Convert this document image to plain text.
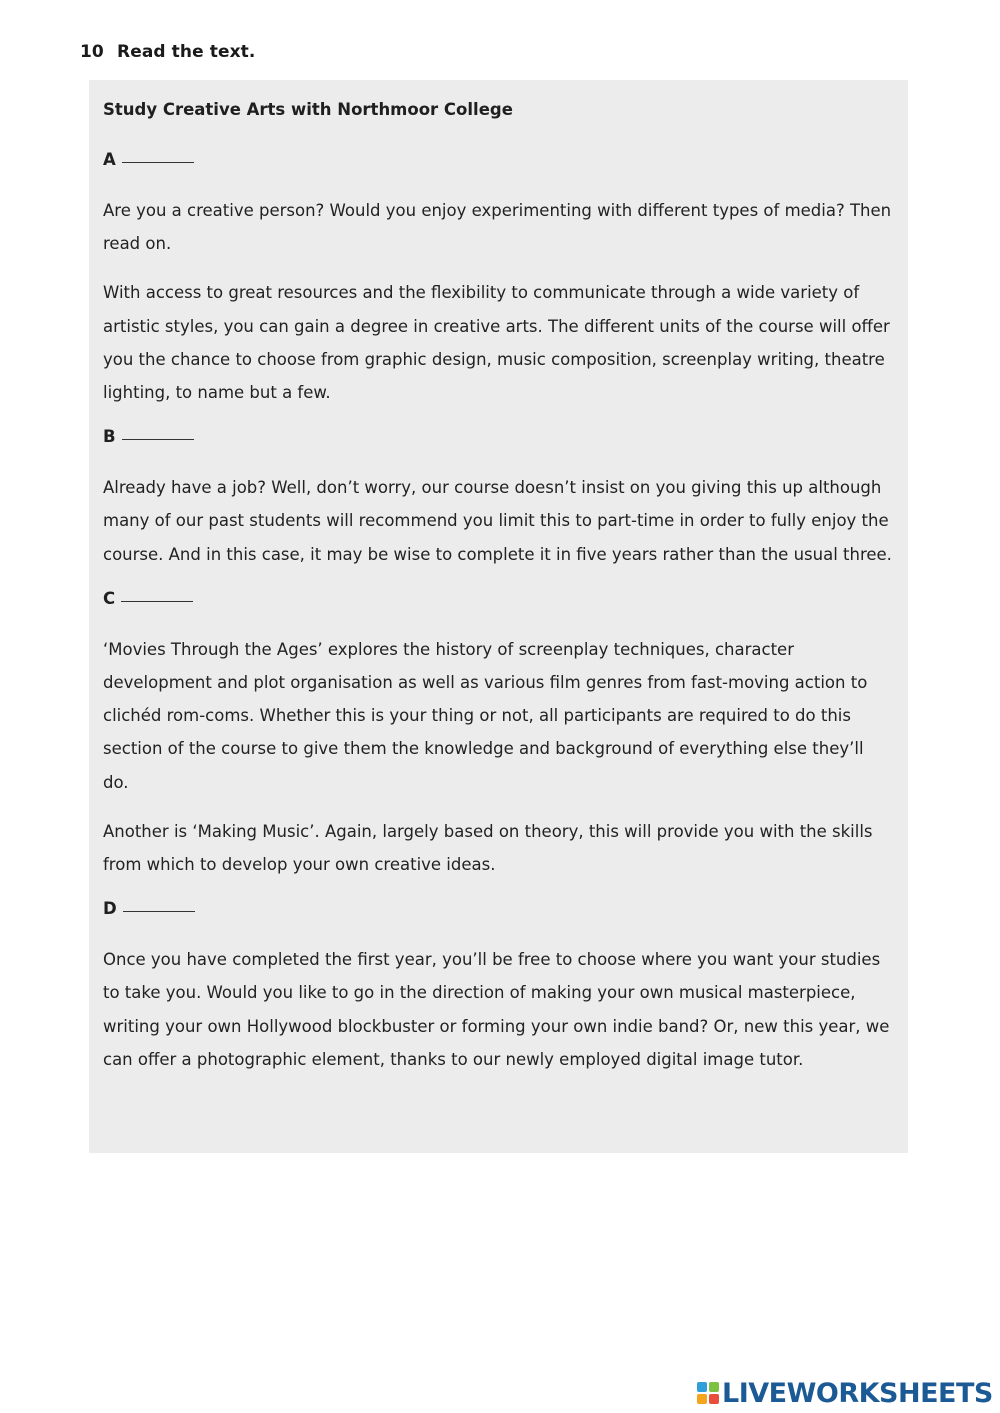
10 Read the text.

Study Creative Arts with Northmoor College

A

Are you a creative person? Would you enjoy experimenting with different types of media? Then read on.

With access to great resources and the flexibility to communicate through a wide variety of artistic styles, you can gain a degree in creative arts. The different units of the course will offer you the chance to choose from graphic design, music composition, screenplay writing, theatre lighting, to name but a few.

B

Already have a job? Well, don’t worry, our course doesn’t insist on you giving this up although many of our past students will recommend you limit this to part-time in order to fully enjoy the course. And in this case, it may be wise to complete it in five years rather than the usual three.

C

‘Movies Through the Ages’ explores the history of screenplay techniques, character development and plot organisation as well as various film genres from fast-moving action to clichéd rom-coms. Whether this is your thing or not, all participants are required to do this section of the course to give them the knowledge and background of everything else they’ll do.

Another is ‘Making Music’. Again, largely based on theory, this will provide you with the skills from which to develop your own creative ideas.

D

Once you have completed the first year, you’ll be free to choose where you want your studies to take you. Would you like to go in the direction of making your own musical masterpiece, writing your own Hollywood blockbuster or forming your own indie band? Or, new this year, we can offer a photographic element, thanks to our newly employed digital image tutor.

LIVEWORKSHEETS
